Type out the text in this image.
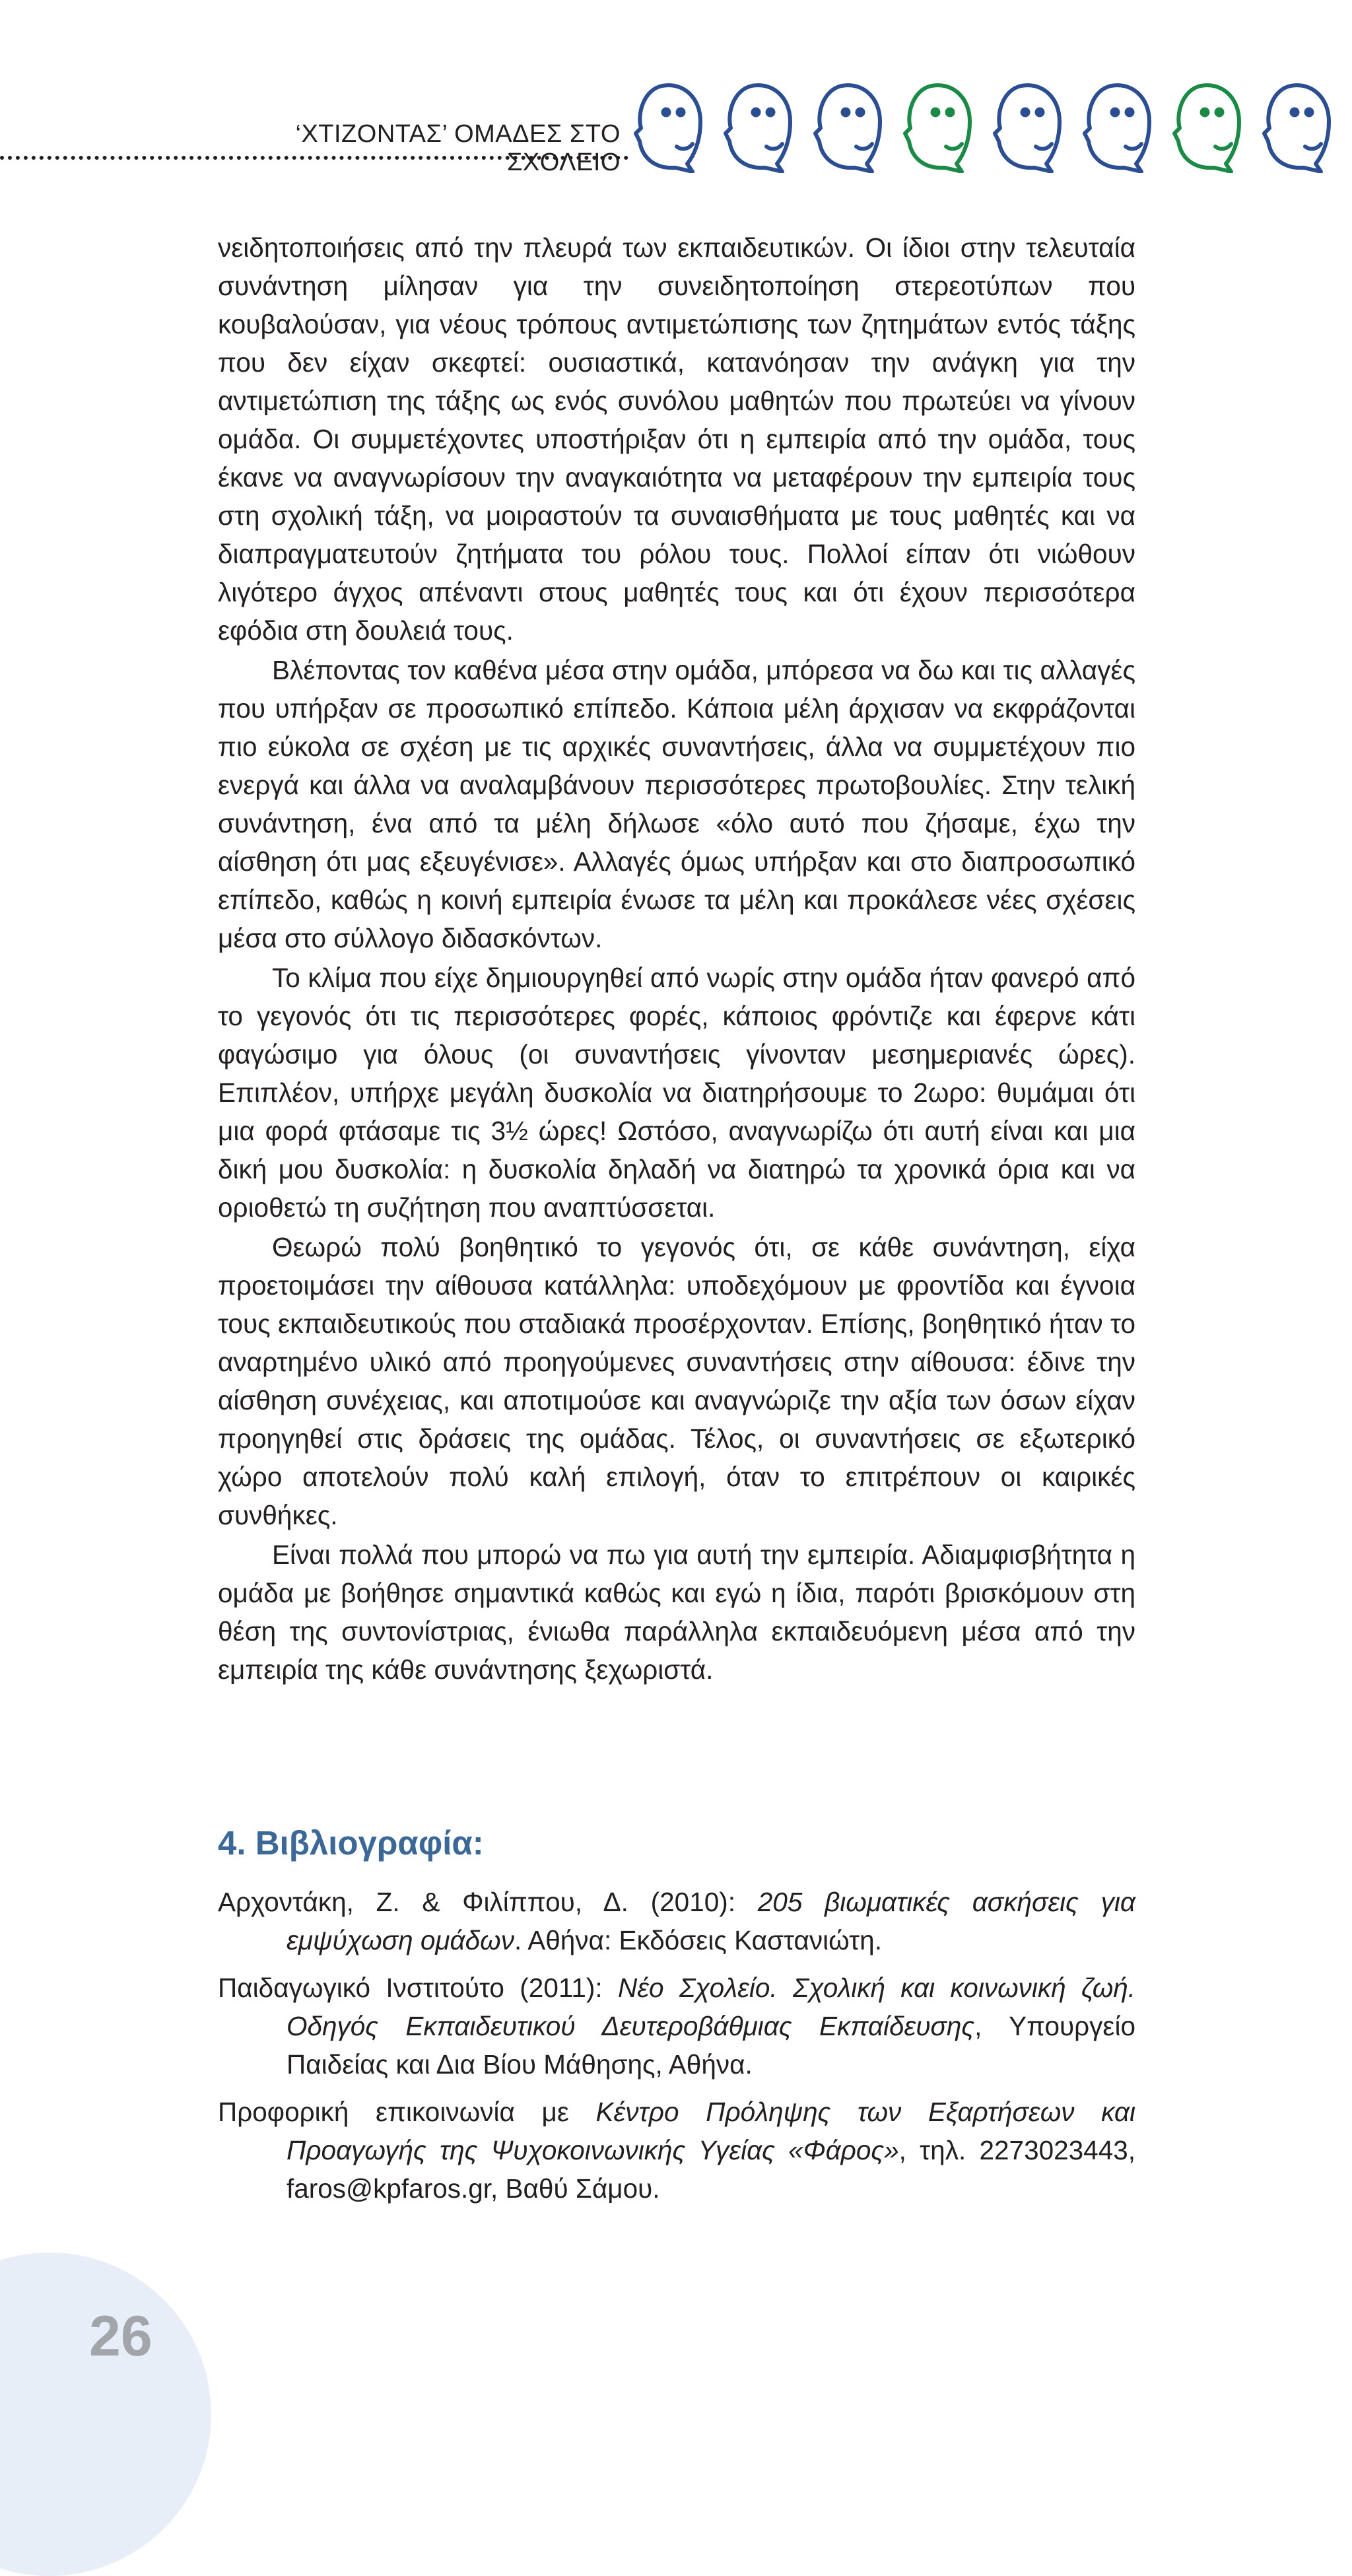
‘ΧΤΙΖΟΝΤΑΣ’ ΟΜΑΔΕΣ ΣΤΟ ΣΧΟΛΕΙΟ

νειδητοποιήσεις από την πλευρά των εκπαιδευτικών. Οι ίδιοι στην τελευταία συνάντηση μίλησαν για την συνειδητοποίηση στερεοτύπων που κουβαλούσαν, για νέους τρόπους αντιμετώπισης των ζητημάτων εντός τάξης που δεν είχαν σκεφτεί: ουσιαστικά, κατανόησαν την ανάγκη για την αντιμετώπιση της τάξης ως ενός συνόλου μαθητών που πρωτεύει να γίνουν ομάδα. Οι συμμετέχοντες υποστήριξαν ότι η εμπειρία από την ομάδα, τους έκανε να αναγνωρίσουν την αναγκαιότητα να μεταφέρουν την εμπειρία τους στη σχολική τάξη, να μοιραστούν τα συναισθήματα με τους μαθητές και να διαπραγματευτούν ζητήματα του ρόλου τους. Πολλοί είπαν ότι νιώθουν λιγότερο άγχος απέναντι στους μαθητές τους και ότι έχουν περισσότερα εφόδια στη δουλειά τους.

Βλέποντας τον καθένα μέσα στην ομάδα, μπόρεσα να δω και τις αλλαγές που υπήρξαν σε προσωπικό επίπεδο. Κάποια μέλη άρχισαν να εκφράζονται πιο εύκολα σε σχέση με τις αρχικές συναντήσεις, άλλα να συμμετέχουν πιο ενεργά και άλλα να αναλαμβάνουν περισσότερες πρωτοβουλίες. Στην τελική συνάντηση, ένα από τα μέλη δήλωσε «όλο αυτό που ζήσαμε, έχω την αίσθηση ότι μας εξευγένισε». Αλλαγές όμως υπήρξαν και στο διαπροσωπικό επίπεδο, καθώς η κοινή εμπειρία ένωσε τα μέλη και προκάλεσε νέες σχέσεις μέσα στο σύλλογο διδασκόντων.

Το κλίμα που είχε δημιουργηθεί από νωρίς στην ομάδα ήταν φανερό από το γεγονός ότι τις περισσότερες φορές, κάποιος φρόντιζε και έφερνε κάτι φαγώσιμο για όλους (οι συναντήσεις γίνονταν μεσημεριανές ώρες). Επιπλέον, υπήρχε μεγάλη δυσκολία να διατηρήσουμε το 2ωρο: θυμάμαι ότι μια φορά φτάσαμε τις 3½ ώρες! Ωστόσο, αναγνωρίζω ότι αυτή είναι και μια δική μου δυσκολία: η δυσκολία δηλαδή να διατηρώ τα χρονικά όρια και να οριοθετώ τη συζήτηση που αναπτύσσεται.

Θεωρώ πολύ βοηθητικό το γεγονός ότι, σε κάθε συνάντηση, είχα προετοιμάσει την αίθουσα κατάλληλα: υποδεχόμουν με φροντίδα και έγνοια τους εκπαιδευτικούς που σταδιακά προσέρχονταν. Επίσης, βοηθητικό ήταν το αναρτημένο υλικό από προηγούμενες συναντήσεις στην αίθουσα: έδινε την αίσθηση συνέχειας, και αποτιμούσε και αναγνώριζε την αξία των όσων είχαν προηγηθεί στις δράσεις της ομάδας. Τέλος, οι συναντήσεις σε εξωτερικό χώρο αποτελούν πολύ καλή επιλογή, όταν το επιτρέπουν οι καιρικές συνθήκες.

Είναι πολλά που μπορώ να πω για αυτή την εμπειρία. Αδιαμφισβήτητα η ομάδα με βοήθησε σημαντικά καθώς και εγώ η ίδια, παρότι βρισκόμουν στη θέση της συντονίστριας, ένιωθα παράλληλα εκπαιδευόμενη μέσα από την εμπειρία της κάθε συνάντησης ξεχωριστά.

4. Βιβλιογραφία:
Αρχοντάκη, Ζ. & Φιλίππου, Δ. (2010): 205 βιωματικές ασκήσεις για εμψύχωση ομάδων. Αθήνα: Εκδόσεις Καστανιώτη.
Παιδαγωγικό Ινστιτούτο (2011): Νέο Σχολείο. Σχολική και κοινωνική ζωή. Οδηγός Εκπαιδευτικού Δευτεροβάθμιας Εκπαίδευσης, Υπουργείο Παιδείας και Δια Βίου Μάθησης, Αθήνα.
Προφορική επικοινωνία με Κέντρο Πρόληψης των Εξαρτήσεων και Προαγωγής της Ψυχοκοινωνικής Υγείας «Φάρος», τηλ. 2273023443, faros@kpfaros.gr, Βαθύ Σάμου.
26
